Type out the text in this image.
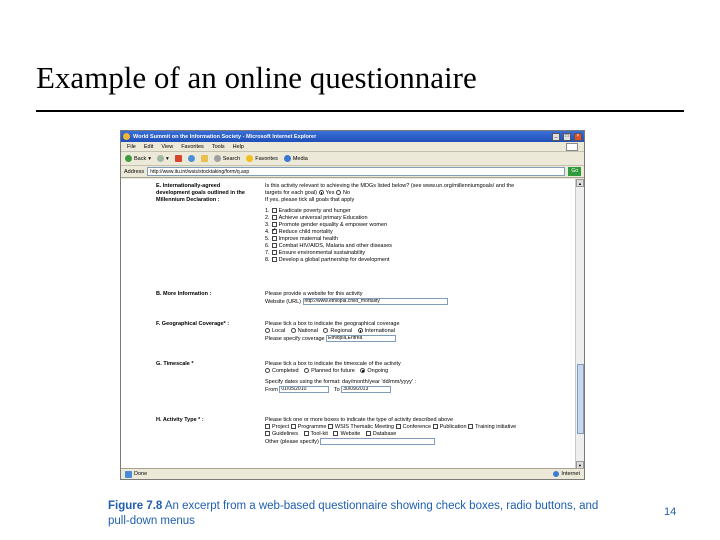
Example of an online questionnaire
World Summit on the Information Society - Microsoft Internet Explorer	_	□	×
File Edit View Favorites Tools Help
Back ▾	▾	Search	Favorites	Media
Address	http://www.itu.int/wsis/stocktaking/form/q.asp	Go
E. Internationally-agreed
development goals outlined in the
Millennium Declaration :
Is this activity relevant to achieving the MDGs listed below? (see www.un.org/millenniumgoals/ and the
targets for each goal) Yes No
If yes, please tick all goals that apply
1. Eradicate poverty and hunger
2. Achieve universal primary Education
3. Promote gender equality & empower women
4.✓ Reduce child mortality
5. Improve maternal health
6. Combat HIV/AIDS, Malaria and other diseases
7. Ensure environmental sustainability
8. Develop a global partnership for development
B. More Information :	Please provide a website for this activity
Website (URL) http://www.ethiopia.child_mortality
F. Geographical Coverage* :	Please tick a box to indicate the geographical coverage
Local National Regional International
Please specify coverage Ethiopia,Eritrea
G. Timescale *	Please tick a box to indicate the timescale of the activity
Completed Planned for future Ongoing
Specify dates using the format: day/month/year 'dd/mm/yyyy' :
From 01/05/2010	To 30/09/2013
H. Activity Type * :	Please tick one or more boxes to indicate the type of activity described above
Project Programme WSIS Thematic Meeting Conference Publication Training initiative
Guidelines Tool-kit Website Database
Other (please specify)
▲
▼
Done	Internet
Figure 7.8 An excerpt from a web-based questionnaire showing check boxes, radio buttons, and pull-down menus
14
